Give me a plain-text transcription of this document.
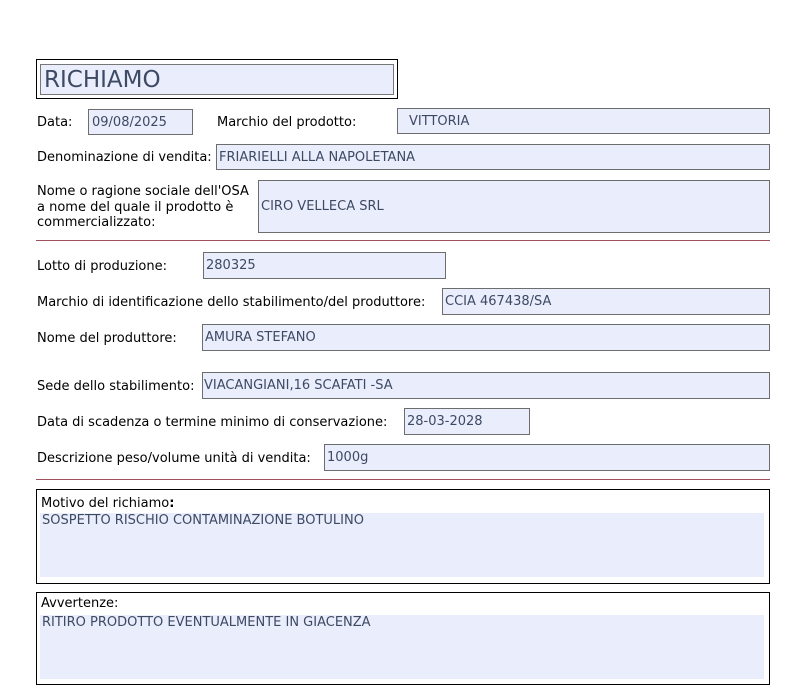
RICHIAMO
Data:	09/08/2025	Marchio del prodotto:	VITTORIA
Denominazione di vendita: FRIARIELLI ALLA NAPOLETANA
Nome o ragione sociale dell'OSA
a nome del quale il prodotto è
commercializzato:
CIRO VELLECA SRL
Lotto di produzione:	280325
Marchio di identificazione dello stabilimento/del produttore: CCIA 467438/SA
Nome del produttore: AMURA STEFANO
Sede dello stabilimento: VIACANGIANI,16 SCAFATI -SA
Data di scadenza o termine minimo di conservazione: 28-03-2028
Descrizione peso/volume unità di vendita: 1000g
Motivo del richiamo:
SOSPETTO RISCHIO CONTAMINAZIONE BOTULINO
Avvertenze:
RITIRO PRODOTTO EVENTUALMENTE IN GIACENZA
